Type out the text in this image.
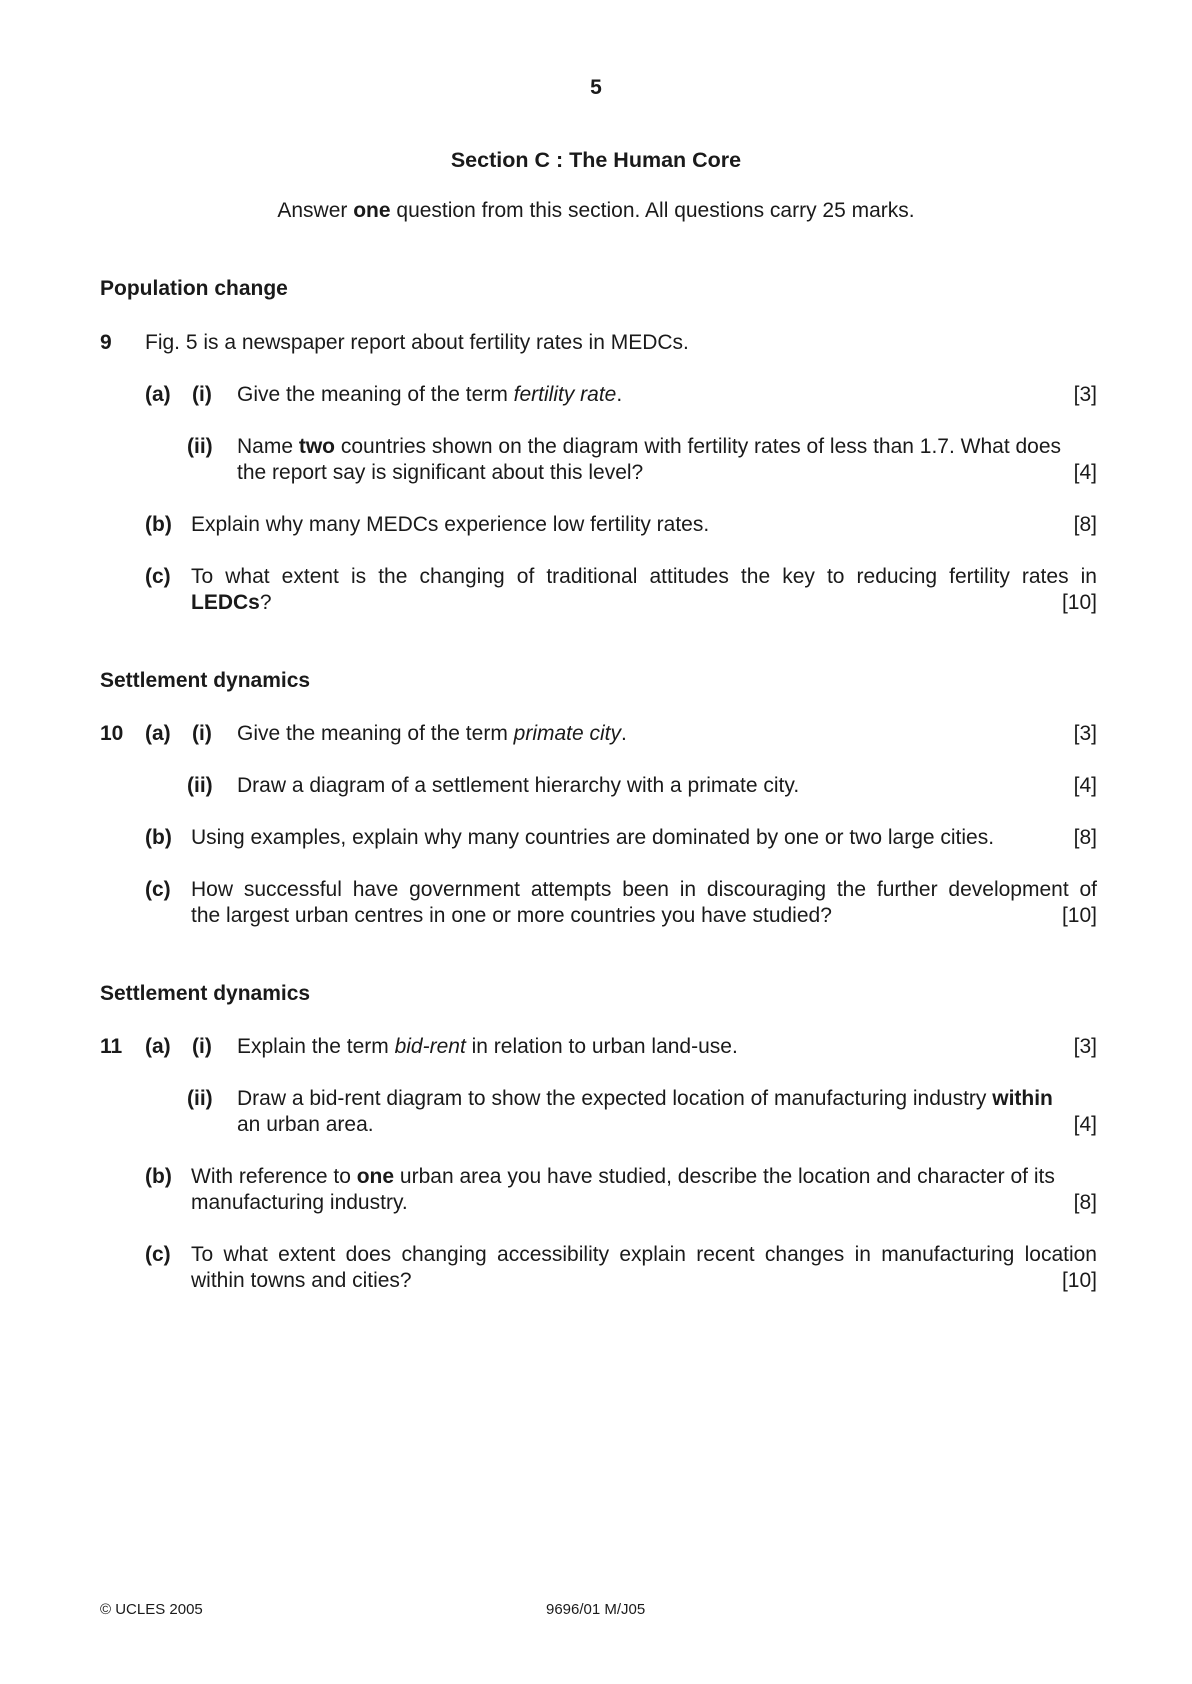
5
Section C : The Human Core
Answer one question from this section. All questions carry 25 marks.
Population change
9 Fig. 5 is a newspaper report about fertility rates in MEDCs.
(a) (i) Give the meaning of the term fertility rate.	[3]
(ii) Name two countries shown on the diagram with fertility rates of less than 1.7. What does
the report say is significant about this level?	[4]
(b) Explain why many MEDCs experience low fertility rates.	[8]
(c) To what extent is the changing of traditional attitudes the key to reducing fertility rates in
LEDCs?	[10]
Settlement dynamics
10 (a) (i) Give the meaning of the term primate city.	[3]
(ii) Draw a diagram of a settlement hierarchy with a primate city.	[4]
(b) Using examples, explain why many countries are dominated by one or two large cities.	[8]
(c) How successful have government attempts been in discouraging the further development of
the largest urban centres in one or more countries you have studied?	[10]
Settlement dynamics
11 (a) (i) Explain the term bid-rent in relation to urban land-use.	[3]
(ii) Draw a bid-rent diagram to show the expected location of manufacturing industry within
an urban area.	[4]
(b) With reference to one urban area you have studied, describe the location and character of its
manufacturing industry.	[8]
(c) To what extent does changing accessibility explain recent changes in manufacturing location
within towns and cities?	[10]
© UCLES 2005	9696/01 M/J05
